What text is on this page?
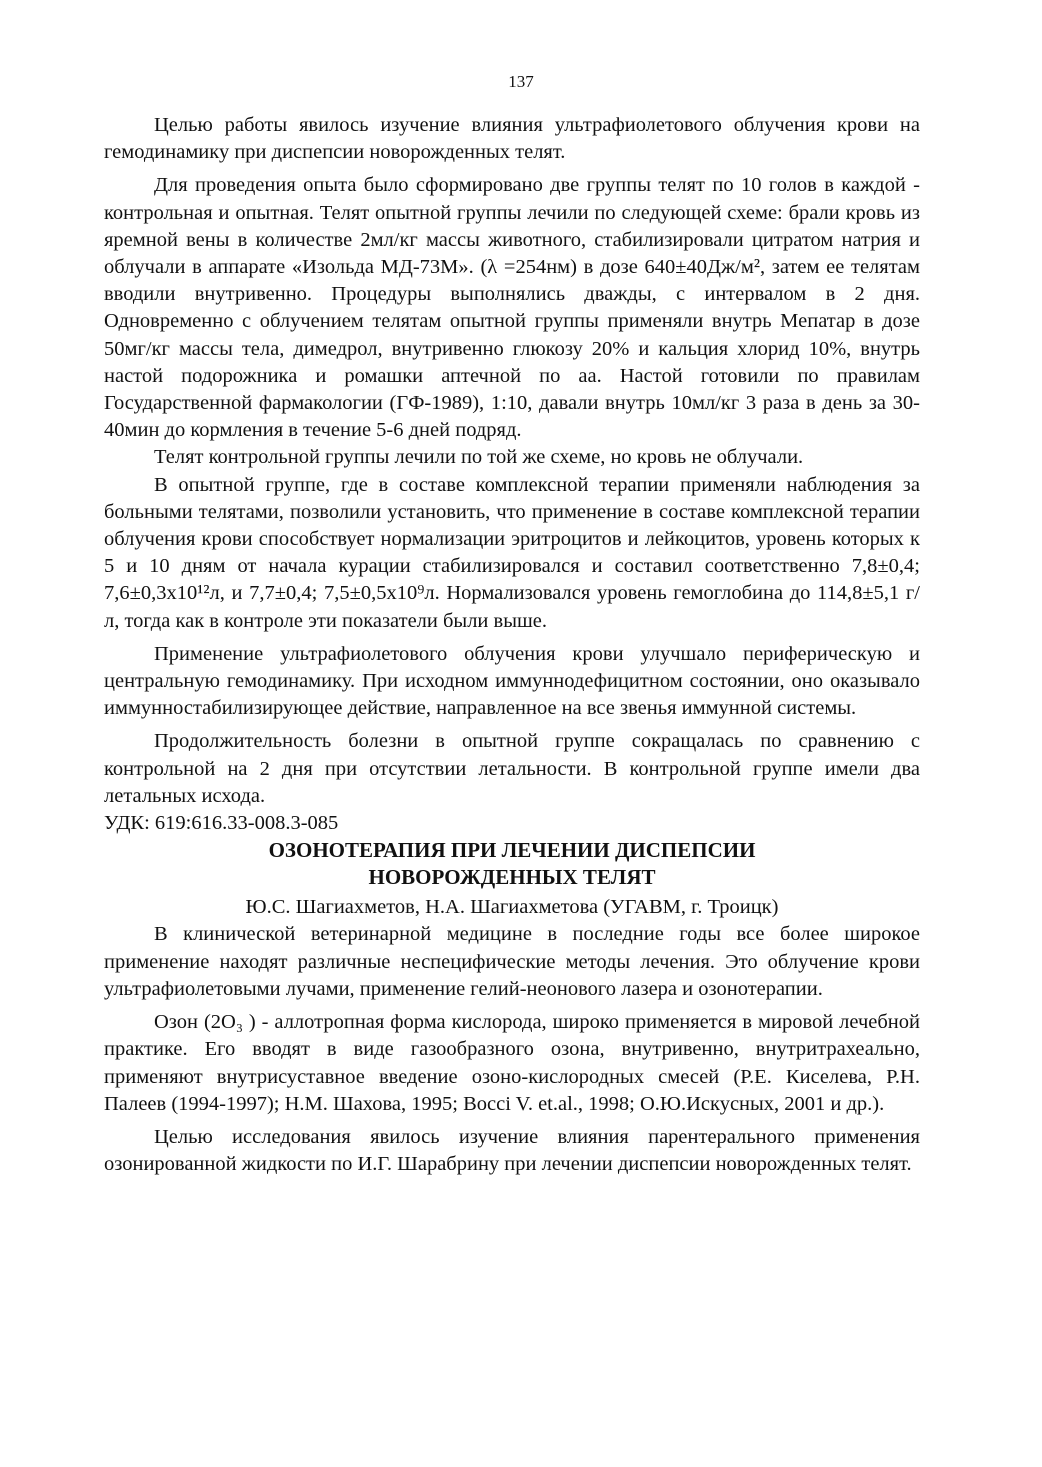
137

Целью работы явилось изучение влияния ультрафиолетового облучения крови на гемодинамику при диспепсии новорожденных телят.

Для проведения опыта было сформировано две группы телят по 10 голов в каждой - контрольная и опытная. Телят опытной группы лечили по следующей схеме: брали кровь из яремной вены в количестве 2мл/кг массы животного, стабилизировали цитратом натрия и облучали в аппарате «Изольда МД-73М». (λ =254нм) в дозе 640±40Дж/м², затем ее телятам вводили внутривенно. Процедуры выполнялись дважды, с интервалом в 2 дня. Одновременно с облучением телятам опытной группы применяли внутрь Мепатар в дозе 50мг/кг массы тела, димедрол, внутривенно глюкозу 20% и кальция хлорид 10%, внутрь настой подорожника и ромашки аптечной по аа. Настой готовили по правилам Государственной фармакологии (ГФ-1989), 1:10, давали внутрь 10мл/кг 3 раза в день за 30-40мин до кормления в течение 5-6 дней подряд.

Телят контрольной группы лечили по той же схеме, но кровь не облучали.

В опытной группе, где в составе комплексной терапии применяли наблюдения за больными телятами, позволили установить, что применение в составе комплексной терапии облучения крови способствует нормализации эритроцитов и лейкоцитов, уровень которых к 5 и 10 дням от начала курации стабилизировался и составил соответственно 7,8±0,4; 7,6±0,3x10¹²л, и 7,7±0,4; 7,5±0,5x10⁹л. Нормализовался уровень гемоглобина до 114,8±5,1 г/л, тогда как в контроле эти показатели были выше.

Применение ультрафиолетового облучения крови улучшало периферическую и центральную гемодинамику. При исходном иммуннодефицитном состоянии, оно оказывало иммунностабилизирующее действие, направленное на все звенья иммунной системы.

Продолжительность болезни в опытной группе сокращалась по сравнению с контрольной на 2 дня при отсутствии летальности. В контрольной группе имели два летальных исхода.

УДК: 619:616.33-008.3-085

ОЗОНОТЕРАПИЯ ПРИ ЛЕЧЕНИИ ДИСПЕПСИИ

НОВОРОЖДЕННЫХ ТЕЛЯТ

Ю.С. Шагиахметов, Н.А. Шагиахметова (УГАВМ, г. Троицк)

В клинической ветеринарной медицине в последние годы все более широкое применение находят различные неспецифические методы лечения. Это облучение крови ультрафиолетовыми лучами, применение гелий-неонового лазера и озонотерапии.

Озон (2O₃ ) - аллотропная форма кислорода, широко применяется в мировой лечебной практике. Его вводят в виде газообразного озона, внутривенно, внутритрахеально, применяют внутрисуставное введение озоно-кислородных смесей (Р.Е. Киселева, Р.Н. Палеев (1994-1997); Н.М. Шахова, 1995; Bocci V. et.al., 1998; О.Ю.Искусных, 2001 и др.).

Целью исследования явилось изучение влияния парентерального применения озонированной жидкости по И.Г. Шарабрину при лечении диспепсии новорожденных телят.
